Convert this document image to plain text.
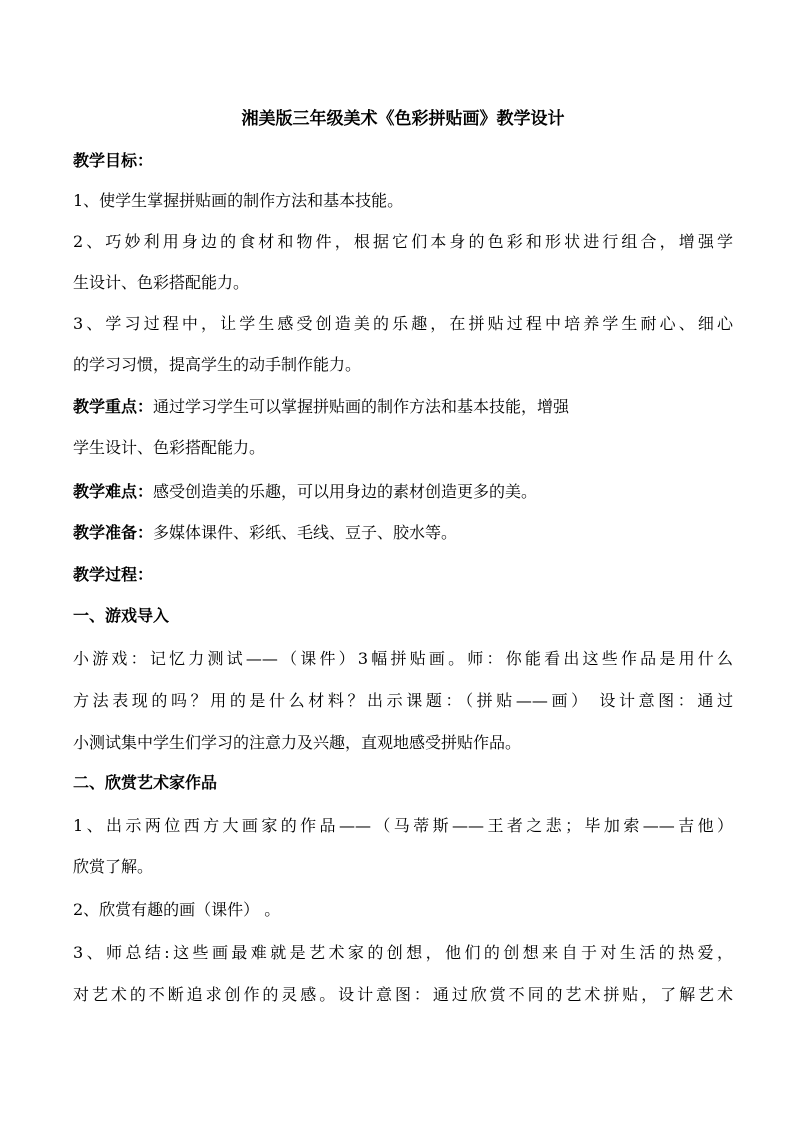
湘美版三年级美术《色彩拼贴画》教学设计
教学目标：
1、使学生掌握拼贴画的制作方法和基本技能。
2、巧妙利用身边的食材和物件，根据它们本身的色彩和形状进行组合，增强学
生设计、色彩搭配能力。
3、学习过程中，让学生感受创造美的乐趣，在拼贴过程中培养学生耐心、细心
的学习习惯，提高学生的动手制作能力。
教学重点：通过学习学生可以掌握拼贴画的制作方法和基本技能，增强
学生设计、色彩搭配能力。
教学难点：感受创造美的乐趣，可以用身边的素材创造更多的美。
教学准备：多媒体课件、彩纸、毛线、豆子、胶水等。
教学过程：
一、游戏导入
小游戏：记忆力测试——（课件）3幅拼贴画。师：你能看出这些作品是用什么
方法表现的吗？用的是什么材料？出示课题：（拼贴——画） 设计意图：通过
小测试集中学生们学习的注意力及兴趣，直观地感受拼贴作品。
二、欣赏艺术家作品
1、出示两位西方大画家的作品——（马蒂斯——王者之悲；毕加索——吉他）
欣赏了解。
2、欣赏有趣的画（课件） 。
3、师总结:这些画最难就是艺术家的创想，他们的创想来自于对生活的热爱，
对艺术的不断追求创作的灵感。设计意图：通过欣赏不同的艺术拼贴，了解艺术
